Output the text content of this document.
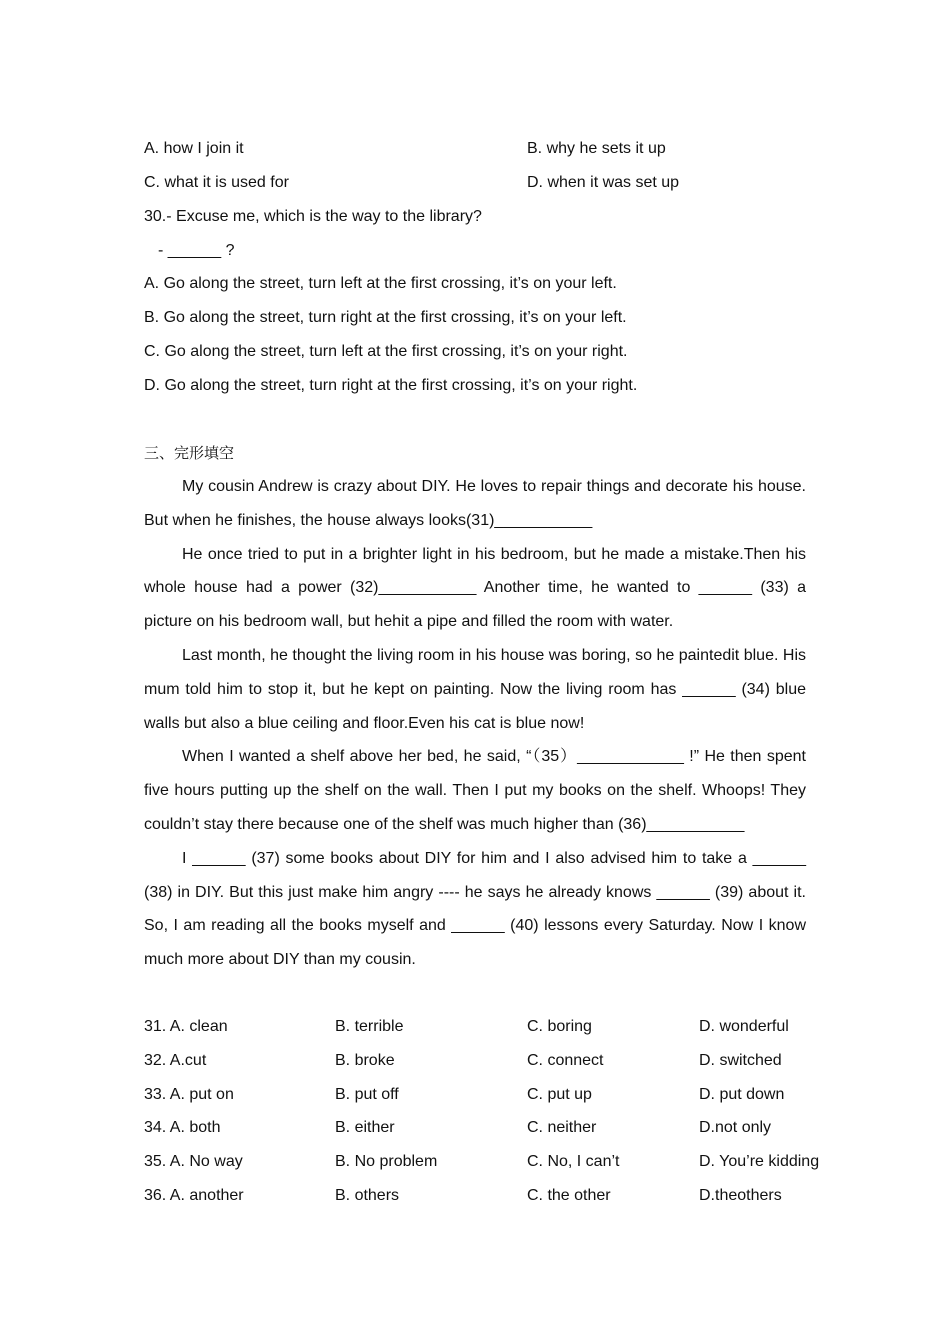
A. how I join it	B. why he sets it up
C. what it is used for	D. when it was set up
30.- Excuse me, which is the way to the library?
- ______ ?
A. Go along the street, turn left at the first crossing, it’s on your left.
B. Go along the street, turn right at the first crossing, it’s on your left.
C. Go along the street, turn left at the first crossing, it’s on your right.
D. Go along the street, turn right at the first crossing, it’s on your right.
三、完形填空

My cousin Andrew is crazy about DIY. He loves to repair things and decorate his house. But when he finishes, the house always looks(31)___________

He once tried to put in a brighter light in his bedroom, but he made a mistake.Then his whole house had a power (32)___________ Another time, he wanted to ______ (33) a picture on his bedroom wall, but hehit a pipe and filled the room with water.

Last month, he thought the living room in his house was boring, so he paintedit blue. His mum told him to stop it, but he kept on painting. Now the living room has ______ (34) blue walls but also a blue ceiling and floor.Even his cat is blue now!

When I wanted a shelf above her bed, he said, “（35）____________ !” He then spent five hours putting up the shelf on the wall. Then I put my books on the shelf. Whoops! They couldn’t stay there because one of the shelf was much higher than (36)___________

I ______ (37) some books about DIY for him and I also advised him to take a ______ (38) in DIY. But this just make him angry ---- he says he already knows ______ (39) about it. So, I am reading all the books myself and ______ (40) lessons every Saturday. Now I know much more about DIY than my cousin.

31. A. clean	B. terrible	C. boring	D. wonderful
32. A.cut	B. broke	C. connect	D. switched
33. A. put on	B. put off	C. put up	D. put down
34. A. both	B. either	C. neither	D.not only
35. A. No way	B. No problem	C. No, I can’t	D. You’re kidding
36. A. another	B. others	C. the other	D.theothers
